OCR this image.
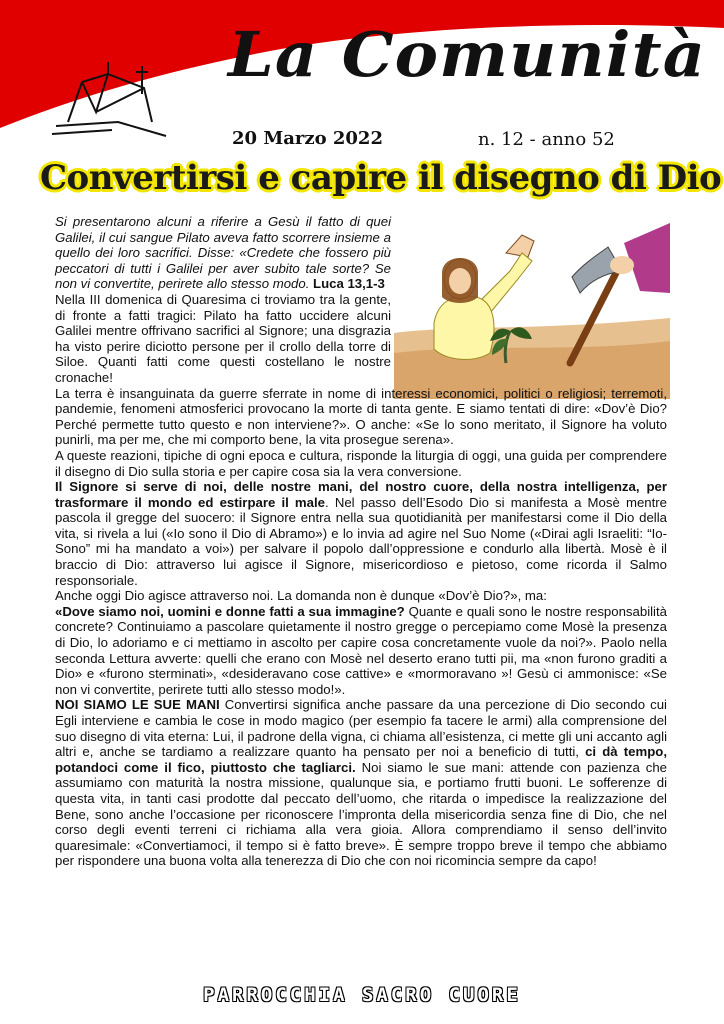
La Comunità
20 Marzo 2022	n. 12 - anno 52
Convertirsi e capire il disegno di Dio

Si presentarono alcuni a riferire a Gesù il fatto di quei Galilei, il cui sangue Pilato aveva fatto scorrere insieme a quello dei loro sacrifici. Disse: «Credete che fossero più peccatori di tutti i Galilei per aver subito tale sorte? Se non vi convertite, perirete allo stesso modo. Luca 13,1-3

Nella III domenica di Quaresima ci troviamo tra la gente, di fronte a fatti tragici: Pilato ha fatto uccidere alcuni Galilei mentre offrivano sacrifici al Signore; una disgrazia ha visto perire diciotto persone per il crollo della torre di Siloe. Quanti fatti come questi costellano le nostre cronache!

La terra è insanguinata da guerre sferrate in nome di interessi economici, politici o religiosi; terremoti, pandemie, fenomeni atmosferici provocano la morte di tanta gente. E siamo tentati di dire: «Dov’è Dio? Perché permette tutto questo e non interviene?». O anche: «Se lo sono meritato, il Signore ha voluto punirli, ma per me, che mi comporto bene, la vita prosegue serena».

A queste reazioni, tipiche di ogni epoca e cultura, risponde la liturgia di oggi, una guida per comprendere il disegno di Dio sulla storia e per capire cosa sia la vera conversione.

Il Signore si serve di noi, delle nostre mani, del nostro cuore, della nostra intelligenza, per trasformare il mondo ed estirpare il male. Nel passo dell’Esodo Dio si manifesta a Mosè mentre pascola il gregge del suocero: il Signore entra nella sua quotidianità per manifestarsi come il Dio della vita, si rivela a lui («Io sono il Dio di Abramo») e lo invia ad agire nel Suo Nome («Dirai agli Israeliti: “Io-Sono” mi ha mandato a voi») per salvare il popolo dall’oppressione e condurlo alla libertà. Mosè è il braccio di Dio: attraverso lui agisce il Signore, misericordioso e pietoso, come ricorda il Salmo responsoriale.

Anche oggi Dio agisce attraverso noi. La domanda non è dunque «Dov’è Dio?», ma:
«Dove siamo noi, uomini e donne fatti a sua immagine? Quante e quali sono le nostre responsabilità concrete? Continuiamo a pascolare quietamente il nostro gregge o percepiamo come Mosè la presenza di Dio, lo adoriamo e ci mettiamo in ascolto per capire cosa concretamente vuole da noi?». Paolo nella seconda Lettura avverte: quelli che erano con Mosè nel deserto erano tutti pii, ma «non furono graditi a Dio» e «furono sterminati», «desideravano cose cattive» e «mormoravano »! Gesù ci ammonisce: «Se non vi convertite, perirete tutti allo stesso modo!».

NOI SIAMO LE SUE MANI Convertirsi significa anche passare da una percezione di Dio secondo cui Egli interviene e cambia le cose in modo magico (per esempio fa tacere le armi) alla comprensione del suo disegno di vita eterna: Lui, il padrone della vigna, ci chiama all’esistenza, ci mette gli uni accanto agli altri e, anche se tardiamo a realizzare quanto ha pensato per noi a beneficio di tutti, ci dà tempo, potandoci come il fico, piuttosto che tagliarci. Noi siamo le sue mani: attende con pazienza che assumiamo con maturità la nostra missione, qualunque sia, e portiamo frutti buoni. Le sofferenze di questa vita, in tanti casi prodotte dal peccato dell’uomo, che ritarda o impedisce la realizzazione del Bene, sono anche l’occasione per riconoscere l’impronta della misericordia senza fine di Dio, che nel corso degli eventi terreni ci richiama alla vera gioia. Allora comprendiamo il senso dell’invito quaresimale: «Convertiamoci, il tempo si è fatto breve». È sempre troppo breve il tempo che abbiamo per rispondere una buona volta alla tenerezza di Dio che con noi ricomincia sempre da capo!

PARROCCHIA SACRO CUORE
